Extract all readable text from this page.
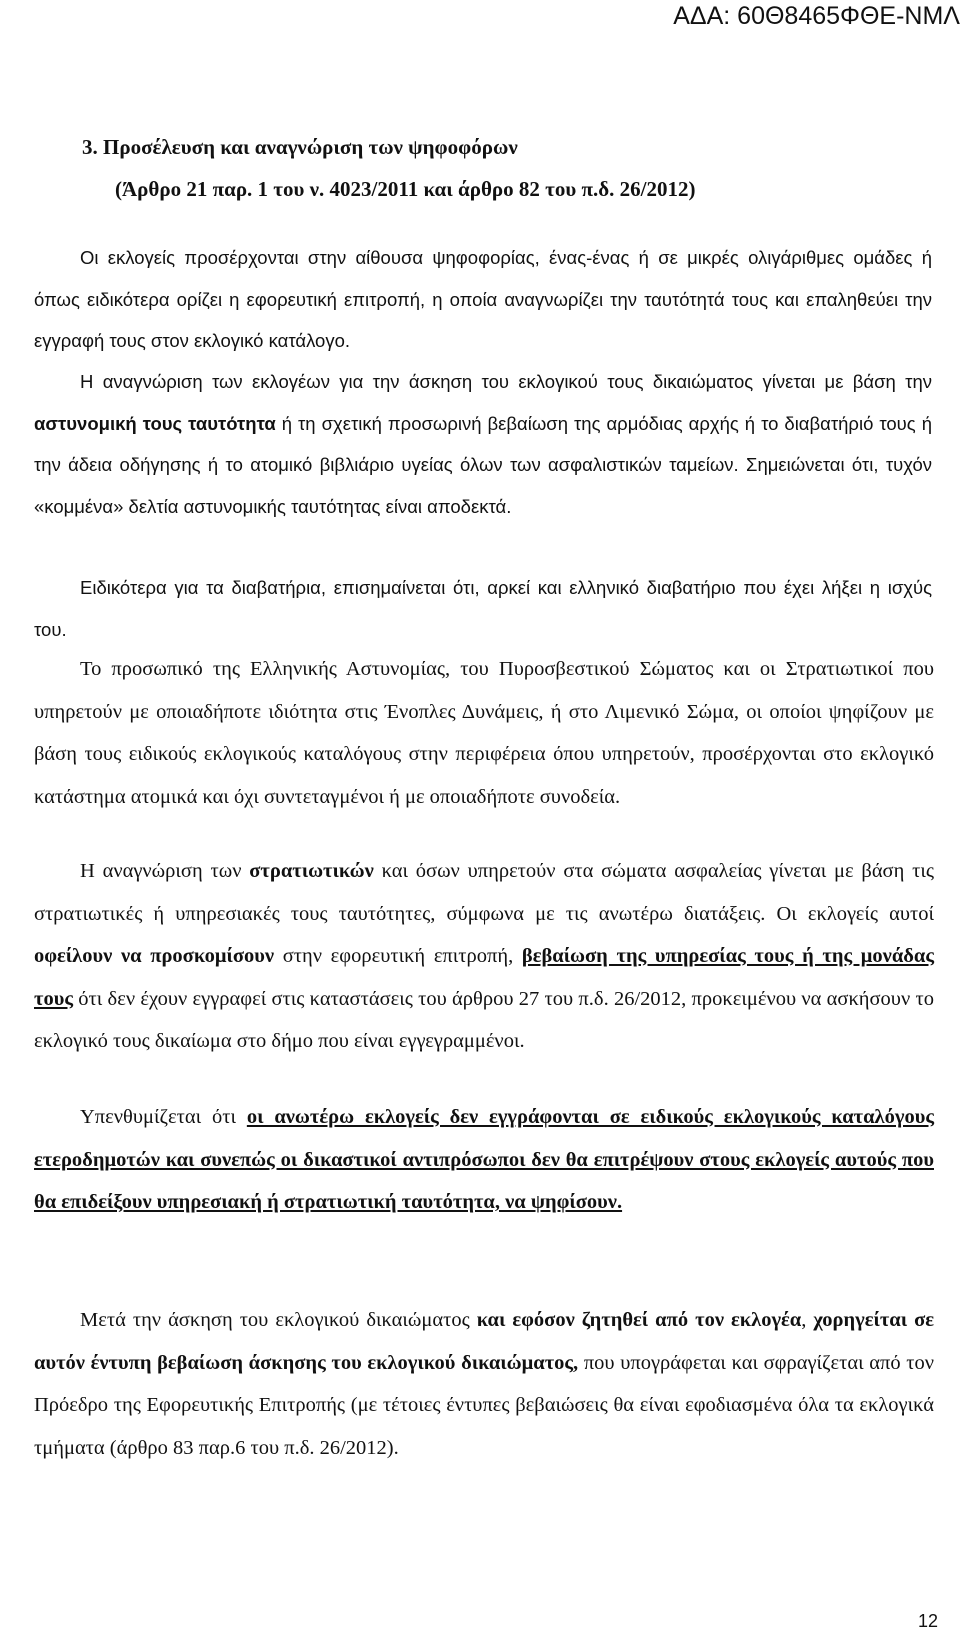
ΑΔΑ: 60Θ8465ΦΘΕ-ΝΜΛ
3. Προσέλευση και αναγνώριση των ψηφοφόρων
(Άρθρο 21 παρ. 1 του ν. 4023/2011 και άρθρο 82 του π.δ. 26/2012)
Οι εκλογείς προσέρχονται στην αίθουσα ψηφοφορίας, ένας-ένας ή σε μικρές ολιγάριθμες ομάδες ή όπως ειδικότερα ορίζει η εφορευτική επιτροπή, η οποία αναγνωρίζει την ταυτότητά τους και επαληθεύει την εγγραφή τους στον εκλογικό κατάλογο.
Η αναγνώριση των εκλογέων για την άσκηση του εκλογικού τους δικαιώματος γίνεται με βάση την αστυνομική τους ταυτότητα ή τη σχετική προσωρινή βεβαίωση της αρμόδιας αρχής ή το διαβατήριό τους ή την άδεια οδήγησης ή το ατομικό βιβλιάριο υγείας όλων των ασφαλιστικών ταμείων. Σημειώνεται ότι, τυχόν «κομμένα» δελτία αστυνομικής ταυτότητας είναι αποδεκτά.
Ειδικότερα για τα διαβατήρια, επισημαίνεται ότι, αρκεί και ελληνικό διαβατήριο που έχει λήξει η ισχύς του.
Το προσωπικό της Ελληνικής Αστυνομίας, του Πυροσβεστικού Σώματος και οι Στρατιωτικοί που υπηρετούν με οποιαδήποτε ιδιότητα στις Ένοπλες Δυνάμεις, ή στο Λιμενικό Σώμα, οι οποίοι ψηφίζουν με βάση τους ειδικούς εκλογικούς καταλόγους στην περιφέρεια όπου υπηρετούν, προσέρχονται στο εκλογικό κατάστημα ατομικά και όχι συντεταγμένοι ή με οποιαδήποτε συνοδεία.
Η αναγνώριση των στρατιωτικών και όσων υπηρετούν στα σώματα ασφαλείας γίνεται με βάση τις στρατιωτικές ή υπηρεσιακές τους ταυτότητες, σύμφωνα με τις ανωτέρω διατάξεις. Οι εκλογείς αυτοί οφείλουν να προσκομίσουν στην εφορευτική επιτροπή, βεβαίωση της υπηρεσίας τους ή της μονάδας τους ότι δεν έχουν εγγραφεί στις καταστάσεις του άρθρου 27 του π.δ. 26/2012, προκειμένου να ασκήσουν το εκλογικό τους δικαίωμα στο δήμο που είναι εγγεγραμμένοι.
Υπενθυμίζεται ότι οι ανωτέρω εκλογείς δεν εγγράφονται σε ειδικούς εκλογικούς καταλόγους ετεροδημοτών και συνεπώς οι δικαστικοί αντιπρόσωποι δεν θα επιτρέψουν στους εκλογείς αυτούς που θα επιδείξουν υπηρεσιακή ή στρατιωτική ταυτότητα, να ψηφίσουν.
Μετά την άσκηση του εκλογικού δικαιώματος και εφόσον ζητηθεί από τον εκλογέα, χορηγείται σε αυτόν έντυπη βεβαίωση άσκησης του εκλογικού δικαιώματος, που υπογράφεται και σφραγίζεται από τον Πρόεδρο της Εφορευτικής Επιτροπής (με τέτοιες έντυπες βεβαιώσεις θα είναι εφοδιασμένα όλα τα εκλογικά τμήματα (άρθρο 83 παρ.6 του π.δ. 26/2012).
12
